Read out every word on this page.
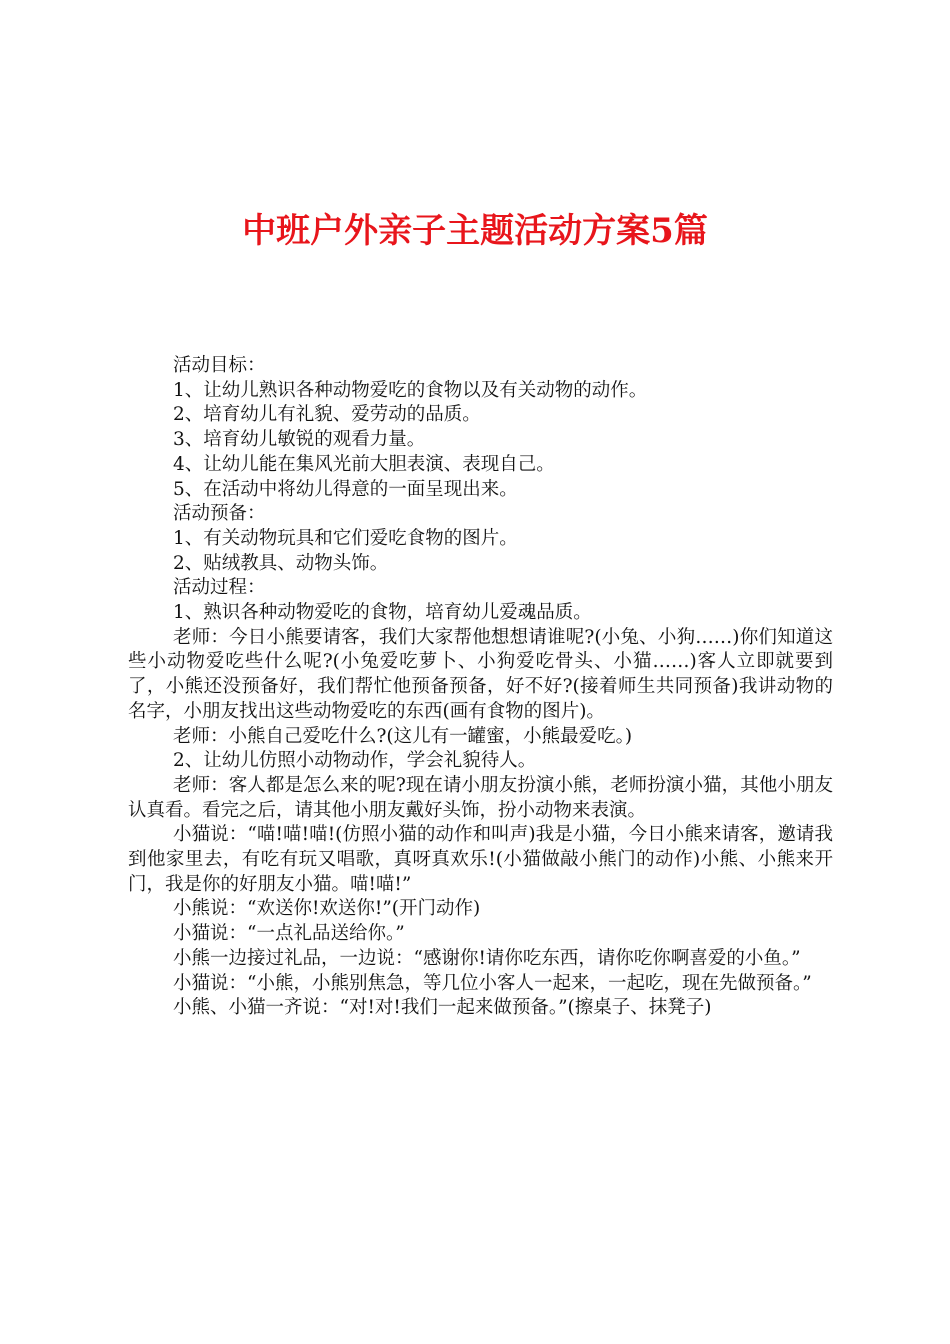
中班户外亲子主题活动方案5篇

活动目标：

1、让幼儿熟识各种动物爱吃的食物以及有关动物的动作。

2、培育幼儿有礼貌、爱劳动的品质。

3、培育幼儿敏锐的观看力量。

4、让幼儿能在集风光前大胆表演、表现自己。

5、在活动中将幼儿得意的一面呈现出来。

活动预备：

1、有关动物玩具和它们爱吃食物的图片。

2、贴绒教具、动物头饰。

活动过程：

1、熟识各种动物爱吃的食物，培育幼儿爱魂品质。

老师：今日小熊要请客，我们大家帮他想想请谁呢?(小兔、小狗……)你们知道这些小动物爱吃些什么呢?(小兔爱吃萝卜、小狗爱吃骨头、小猫……)客人立即就要到了，小熊还没预备好，我们帮忙他预备预备，好不好?(接着师生共同预备)我讲动物的名字，小朋友找出这些动物爱吃的东西(画有食物的图片)。

老师：小熊自己爱吃什么?(这儿有一罐蜜，小熊最爱吃。)

2、让幼儿仿照小动物动作，学会礼貌待人。

老师：客人都是怎么来的呢?现在请小朋友扮演小熊，老师扮演小猫，其他小朋友认真看。看完之后，请其他小朋友戴好头饰，扮小动物来表演。

小猫说：“喵!喵!喵!(仿照小猫的动作和叫声)我是小猫，今日小熊来请客，邀请我到他家里去，有吃有玩又唱歌，真呀真欢乐!(小猫做敲小熊门的动作)小熊、小熊来开门，我是你的好朋友小猫。喵!喵!”

小熊说：“欢送你!欢送你!”(开门动作)

小猫说：“一点礼品送给你。”

小熊一边接过礼品，一边说：“感谢你!请你吃东西，请你吃你啊喜爱的小鱼。”

小猫说：“小熊，小熊别焦急，等几位小客人一起来，一起吃，现在先做预备。”

小熊、小猫一齐说：“对!对!我们一起来做预备。”(擦桌子、抹凳子)
